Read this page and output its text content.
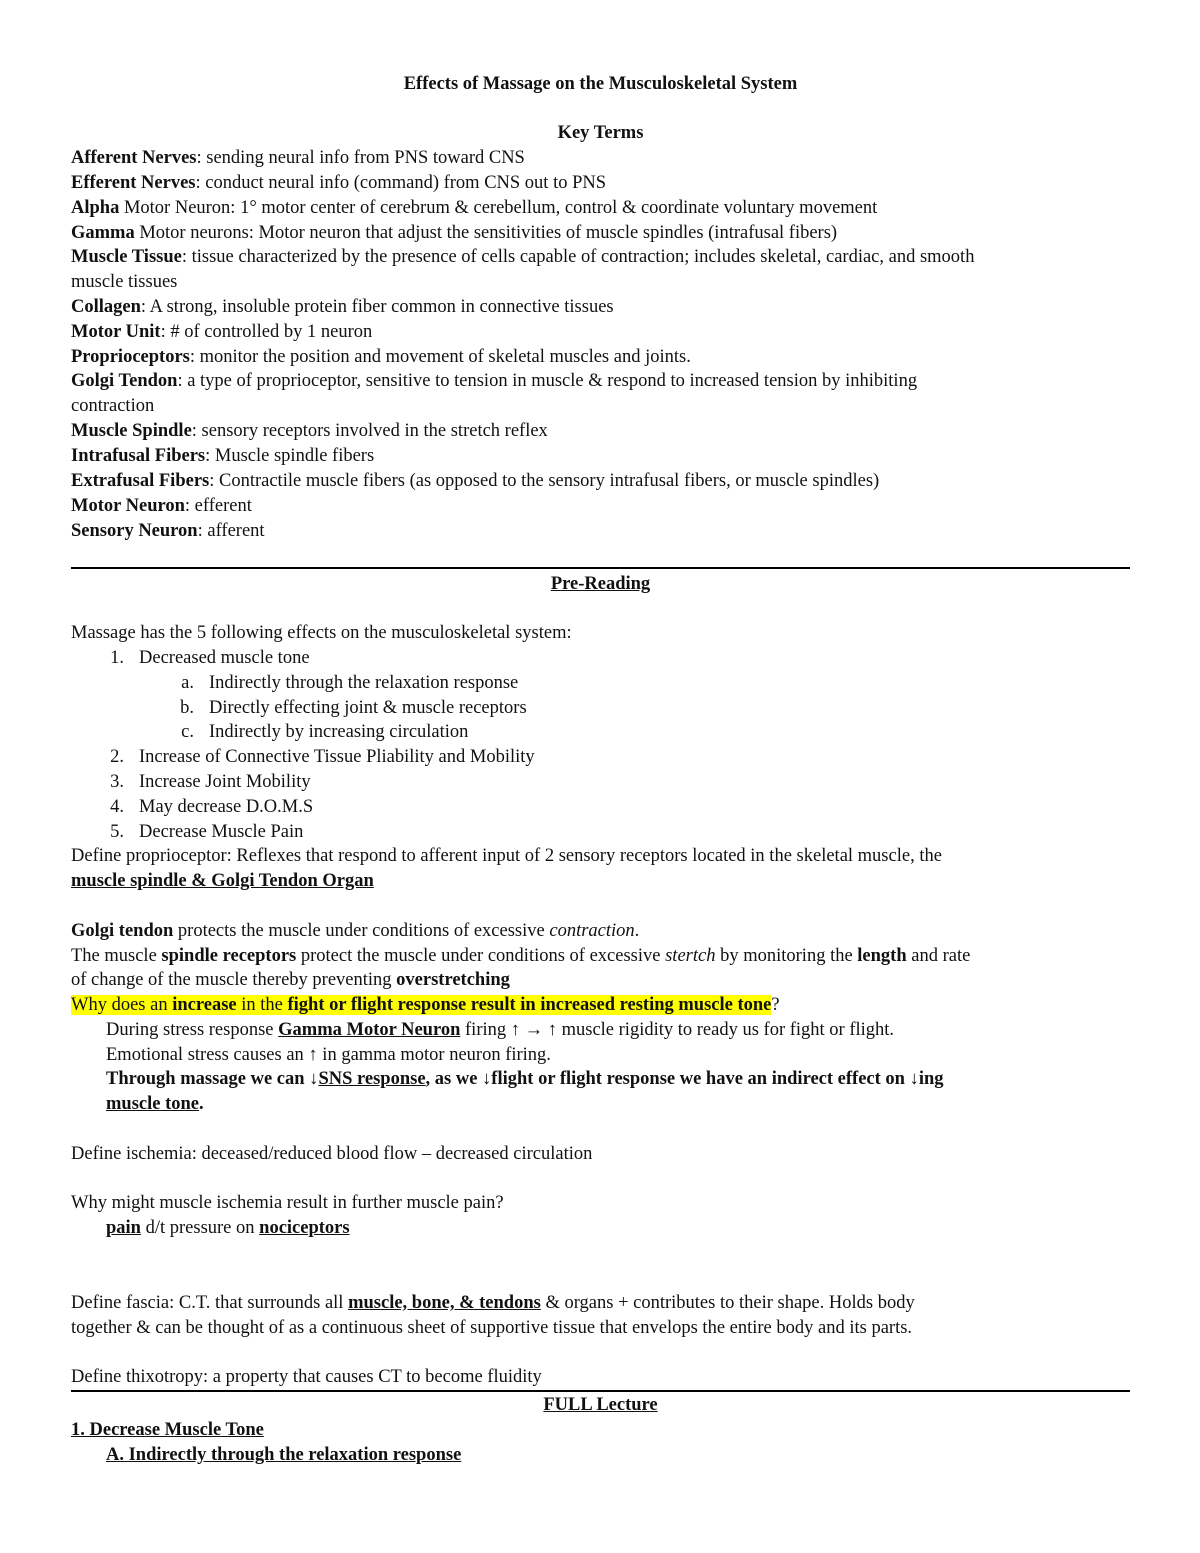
Effects of Massage on the Musculoskeletal System
Key Terms
Afferent Nerves: sending neural info from PNS toward CNS
Efferent Nerves: conduct neural info (command) from CNS out to PNS
Alpha Motor Neuron: 1° motor center of cerebrum & cerebellum, control & coordinate voluntary movement
Gamma Motor neurons: Motor neuron that adjust the sensitivities of muscle spindles (intrafusal fibers)
Muscle Tissue: tissue characterized by the presence of cells capable of contraction; includes skeletal, cardiac, and smooth
muscle tissues
Collagen: A strong, insoluble protein fiber common in connective tissues
Motor Unit: # of controlled by 1 neuron
Proprioceptors: monitor the position and movement of skeletal muscles and joints.
Golgi Tendon: a type of proprioceptor, sensitive to tension in muscle & respond to increased tension by inhibiting
contraction
Muscle Spindle: sensory receptors involved in the stretch reflex
Intrafusal Fibers: Muscle spindle fibers
Extrafusal Fibers: Contractile muscle fibers (as opposed to the sensory intrafusal fibers, or muscle spindles)
Motor Neuron: efferent
Sensory Neuron: afferent
Pre-Reading
Massage has the 5 following effects on the musculoskeletal system:
1. Decreased muscle tone
a. Indirectly through the relaxation response
b. Directly effecting joint & muscle receptors
c. Indirectly by increasing circulation
2. Increase of Connective Tissue Pliability and Mobility
3. Increase Joint Mobility
4. May decrease D.O.M.S
5. Decrease Muscle Pain
Define proprioceptor: Reflexes that respond to afferent input of 2 sensory receptors located in the skeletal muscle, the
muscle spindle & Golgi Tendon Organ
Golgi tendon protects the muscle under conditions of excessive contraction.
The muscle spindle receptors protect the muscle under conditions of excessive stertch by monitoring the length and rate
of change of the muscle thereby preventing overstretching
Why does an increase in the fight or flight response result in increased resting muscle tone?
During stress response Gamma Motor Neuron firing ↑ → ↑ muscle rigidity to ready us for fight or flight.
Emotional stress causes an ↑ in gamma motor neuron firing.
Through massage we can ↓SNS response, as we ↓flight or flight response we have an indirect effect on ↓ing
muscle tone.
Define ischemia: deceased/reduced blood flow – decreased circulation
Why might muscle ischemia result in further muscle pain?
pain d/t pressure on nociceptors
Define fascia: C.T. that surrounds all muscle, bone, & tendons & organs + contributes to their shape. Holds body
together & can be thought of as a continuous sheet of supportive tissue that envelops the entire body and its parts.
Define thixotropy: a property that causes CT to become fluidity
FULL Lecture
1. Decrease Muscle Tone
A. Indirectly through the relaxation response
